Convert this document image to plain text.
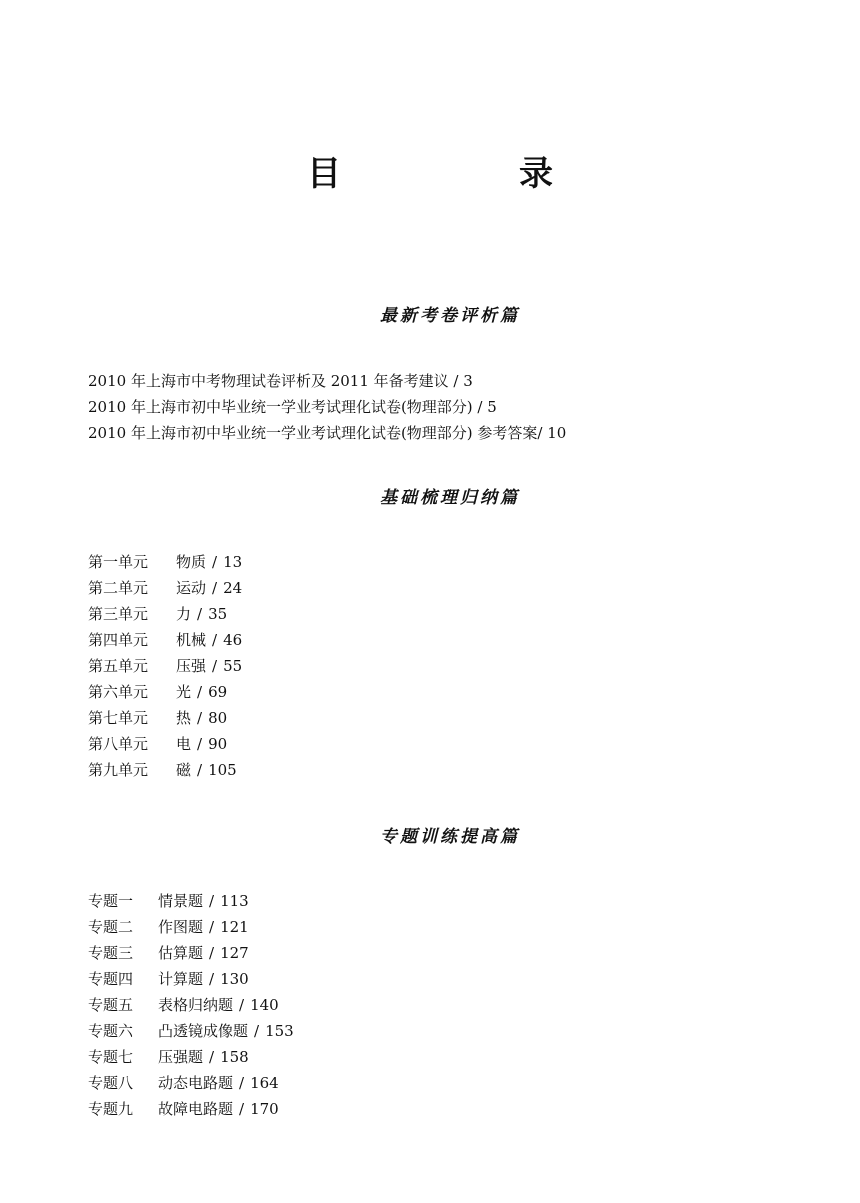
目　录
最新考卷评析篇
2010 年上海市中考物理试卷评析及 2011 年备考建议 / 3
2010 年上海市初中毕业统一学业考试理化试卷(物理部分) / 5
2010 年上海市初中毕业统一学业考试理化试卷(物理部分) 参考答案/ 10
基础梳理归纳篇
第一单元 物质 / 13
第二单元 运动 / 24
第三单元 力 / 35
第四单元 机械 / 46
第五单元 压强 / 55
第六单元 光 / 69
第七单元 热 / 80
第八单元 电 / 90
第九单元 磁 / 105
专题训练提高篇
专题一 情景题 / 113
专题二 作图题 / 121
专题三 估算题 / 127
专题四 计算题 / 130
专题五 表格归纳题 / 140
专题六 凸透镜成像题 / 153
专题七 压强题 / 158
专题八 动态电路题 / 164
专题九 故障电路题 / 170
